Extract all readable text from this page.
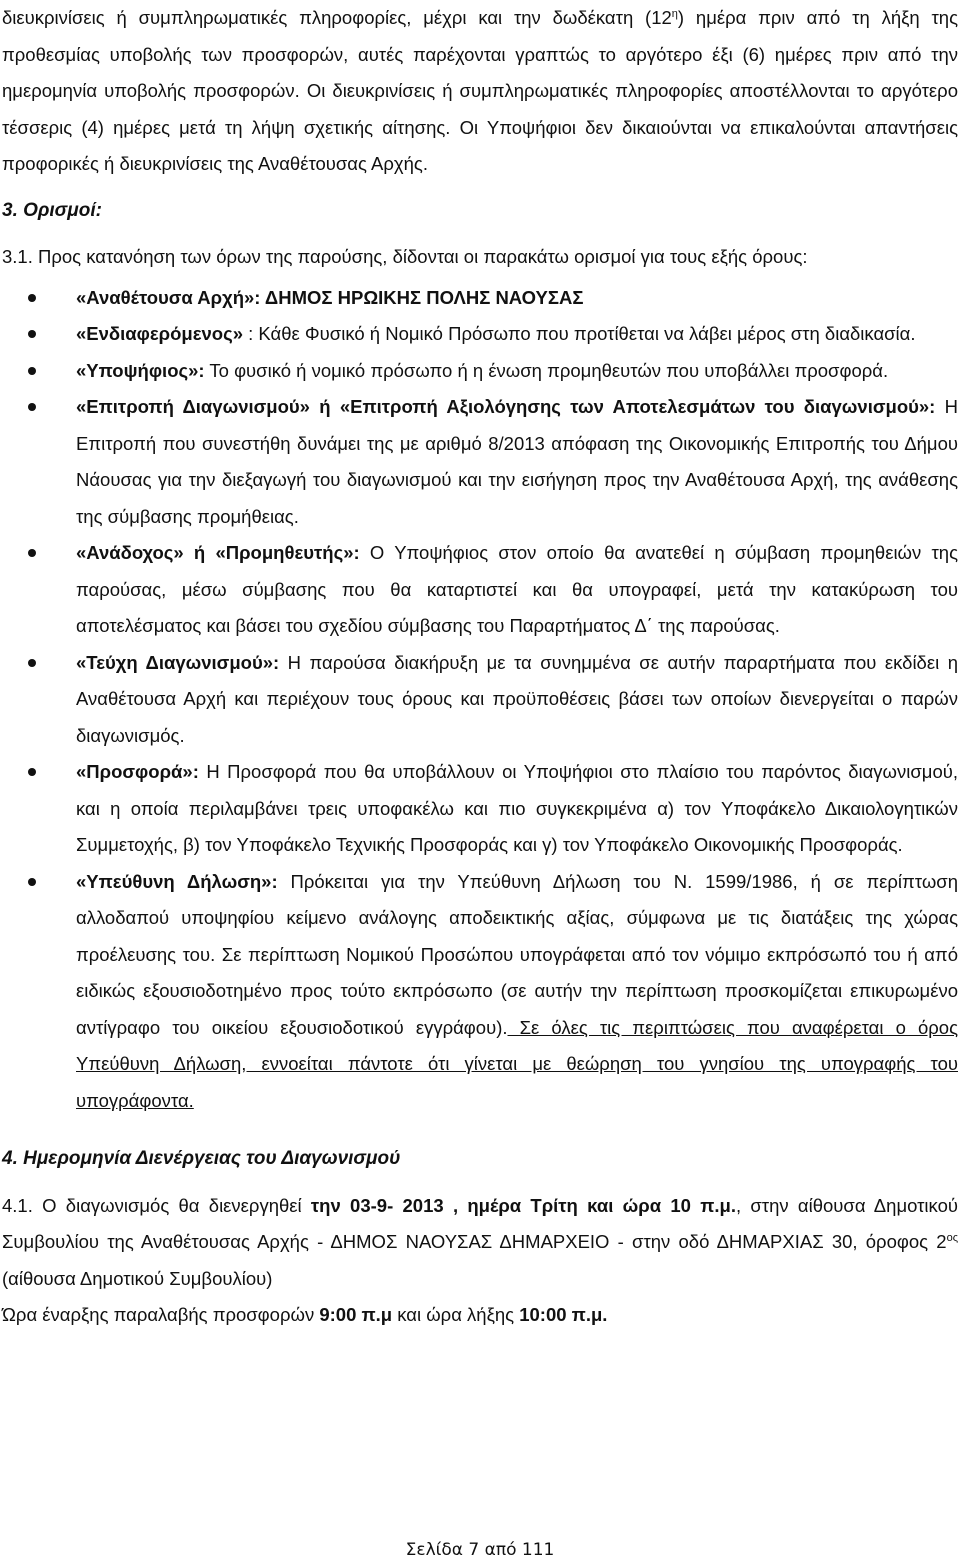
διευκρινίσεις ή συμπληρωματικές πληροφορίες, μέχρι και την δωδέκατη $(12^\eta)$ ημέρα πριν από τη λήξη της προθεσμίας υποβολής των προσφορών, αυτές παρέχονται γραπτώς το αργότερο έξι (6) ημέρες πριν από την ημερομηνία υποβολής προσφορών. Οι διευκρινίσεις ή συμπληρωματικές πληροφορίες αποστέλλονται το αργότερο τέσσερις (4) ημέρες μετά τη λήψη σχετικής αίτησης. Οι Υποψήφιοι δεν δικαιούνται να επικαλούνται απαντήσεις προφορικές ή διευκρινίσεις της Αναθέτουσας Αρχής.

3. Ορισμοί:

3.1. Προς κατανόηση των όρων της παρούσης, δίδονται οι παρακάτω ορισμοί για τους εξής όρους:

«Αναθέτουσα Αρχή»: ΔΗΜΟΣ ΗΡΩΙΚΗΣ ΠΟΛΗΣ ΝΑΟΥΣΑΣ
«Ενδιαφερόμενος» : Κάθε Φυσικό ή Νομικό Πρόσωπο που προτίθεται να λάβει μέρος στη διαδικασία.
«Υποψήφιος»: Το φυσικό ή νομικό πρόσωπο ή η ένωση προμηθευτών που υποβάλλει προσφορά.
«Επιτροπή Διαγωνισμού» ή «Επιτροπή Αξιολόγησης των Αποτελεσμάτων του διαγωνισμού»: Η Επιτροπή που συνεστήθη δυνάμει της με αριθμό 8/2013 απόφαση της Οικονομικής Επιτροπής του Δήμου Νάουσας για την διεξαγωγή του διαγωνισμού και την εισήγηση προς την Αναθέτουσα Αρχή, της ανάθεσης της σύμβασης προμήθειας.
«Ανάδοχος» ή «Προμηθευτής»: Ο Υποψήφιος στον οποίο θα ανατεθεί η σύμβαση προμηθειών της παρούσας, μέσω σύμβασης που θα καταρτιστεί και θα υπογραφεί, μετά την κατακύρωση του αποτελέσματος και βάσει του σχεδίου σύμβασης του Παραρτήματος Δ΄ της παρούσας.
«Τεύχη Διαγωνισμού»: Η παρούσα διακήρυξη με τα συνημμένα σε αυτήν παραρτήματα που εκδίδει η Αναθέτουσα Αρχή και περιέχουν τους όρους και προϋποθέσεις βάσει των οποίων διενεργείται ο παρών διαγωνισμός.
«Προσφορά»: Η Προσφορά που θα υποβάλλουν οι Υποψήφιοι στο πλαίσιο του παρόντος διαγωνισμού, και η οποία περιλαμβάνει τρεις υποφακέλω και πιο συγκεκριμένα α) τον Υποφάκελο Δικαιολογητικών Συμμετοχής, β) τον Υποφάκελο Τεχνικής Προσφοράς και γ) τον Υποφάκελο Οικονομικής Προσφοράς.
«Υπεύθυνη Δήλωση»: Πρόκειται για την Υπεύθυνη Δήλωση του Ν. 1599/1986, ή σε περίπτωση αλλοδαπού υποψηφίου κείμενο ανάλογης αποδεικτικής αξίας, σύμφωνα με τις διατάξεις της χώρας προέλευσης του. Σε περίπτωση Νομικού Προσώπου υπογράφεται από τον νόμιμο εκπρόσωπό του ή από ειδικώς εξουσιοδοτημένο προς τούτο εκπρόσωπο (σε αυτήν την περίπτωση προσκομίζεται επικυρωμένο αντίγραφο του οικείου εξουσιοδοτικού εγγράφου). Σε όλες τις περιπτώσεις που αναφέρεται ο όρος Υπεύθυνη Δήλωση, εννοείται πάντοτε ότι γίνεται με θεώρηση του γνησίου της υπογραφής του υπογράφοντα.

4. Ημερομηνία Διενέργειας του Διαγωνισμού

4.1. Ο διαγωνισμός θα διενεργηθεί την 03-9- 2013 , ημέρα Τρίτη και ώρα 10 π.μ., στην αίθουσα Δημοτικού Συμβουλίου της Αναθέτουσας Αρχής - ΔΗΜΟΣ ΝΑΟΥΣΑΣ ΔΗΜΑΡΧΕΙΟ - στην οδό ΔΗΜΑΡΧΙΑΣ 30, όροφος $2^{o\varsigma}$ (αίθουσα Δημοτικού Συμβουλίου)

Ώρα έναρξης παραλαβής προσφορών 9:00 π.μ και ώρα λήξης 10:00 π.μ.

Σελίδα 7 από 111
